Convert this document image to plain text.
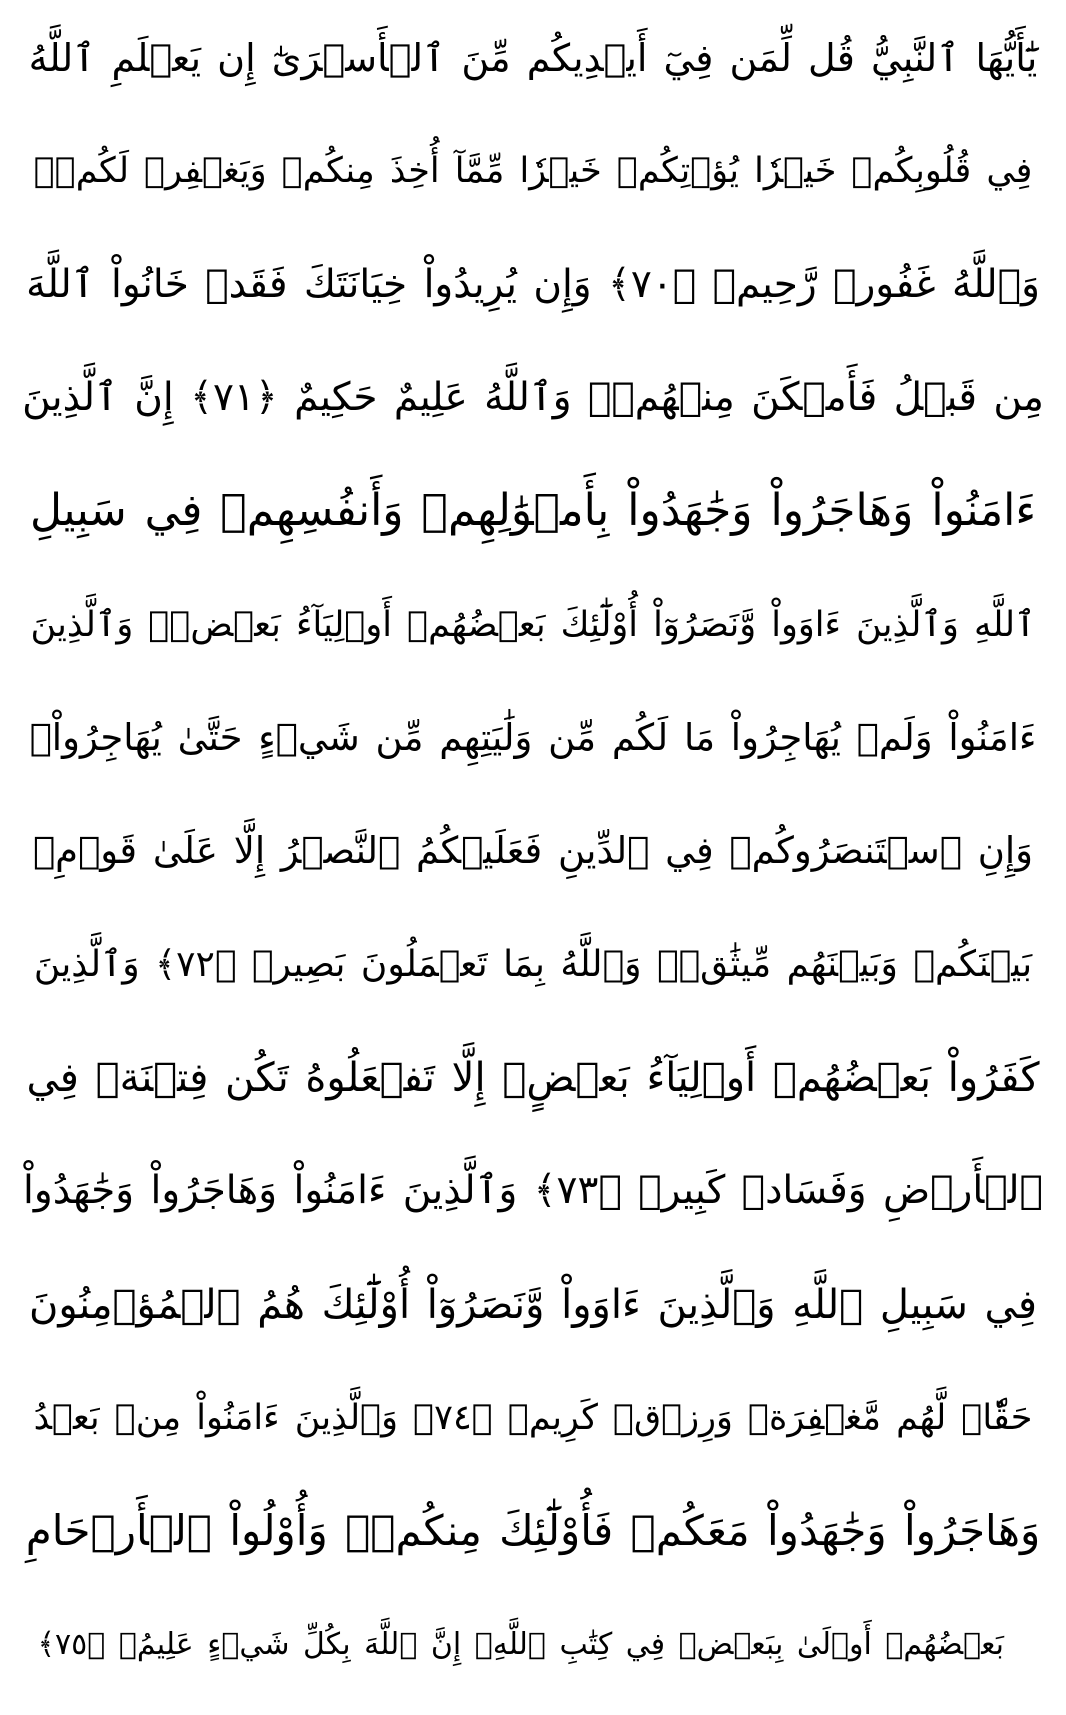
يَٰٓأَيُّهَا ٱلنَّبِيُّ قُل لِّمَن فِيٓ أَيۡدِيكُم مِّنَ ٱلۡأَسۡرَىٰٓ إِن يَعۡلَمِ ٱللَّهُ
فِي قُلُوبِكُمۡ خَيۡرٗا يُؤۡتِكُمۡ خَيۡرٗا مِّمَّآ أُخِذَ مِنكُمۡ وَيَغۡفِرۡ لَكُمۡۚ
وَٱللَّهُ غَفُورٞ رَّحِيمٞ ﴿٧٠﴾ وَإِن يُرِيدُواْ خِيَانَتَكَ فَقَدۡ خَانُواْ ٱللَّهَ
مِن قَبۡلُ فَأَمۡكَنَ مِنۡهُمۡۗ وَٱللَّهُ عَلِيمٌ حَكِيمٌ ﴿٧١﴾ إِنَّ ٱلَّذِينَ
ءَامَنُواْ وَهَاجَرُواْ وَجَٰهَدُواْ بِأَمۡوَٰلِهِمۡ وَأَنفُسِهِمۡ فِي سَبِيلِ
ٱللَّهِ وَٱلَّذِينَ ءَاوَواْ وَّنَصَرُوٓاْ أُوْلَٰٓئِكَ بَعۡضُهُمۡ أَوۡلِيَآءُ بَعۡضٖۚ وَٱلَّذِينَ
ءَامَنُواْ وَلَمۡ يُهَاجِرُواْ مَا لَكُم مِّن وَلَٰيَتِهِم مِّن شَيۡءٍ حَتَّىٰ يُهَاجِرُواْۚ
وَإِنِ ٱسۡتَنصَرُوكُمۡ فِي ٱلدِّينِ فَعَلَيۡكُمُ ٱلنَّصۡرُ إِلَّا عَلَىٰ قَوۡمِۢ
بَيۡنَكُمۡ وَبَيۡنَهُم مِّيثَٰقٞۗ وَٱللَّهُ بِمَا تَعۡمَلُونَ بَصِيرٞ ﴿٧٢﴾ وَٱلَّذِينَ
كَفَرُواْ بَعۡضُهُمۡ أَوۡلِيَآءُ بَعۡضٍۚ إِلَّا تَفۡعَلُوهُ تَكُن فِتۡنَةٞ فِي
ٱلۡأَرۡضِ وَفَسَادٞ كَبِيرٞ ﴿٧٣﴾ وَٱلَّذِينَ ءَامَنُواْ وَهَاجَرُواْ وَجَٰهَدُواْ
فِي سَبِيلِ ٱللَّهِ وَٱلَّذِينَ ءَاوَواْ وَّنَصَرُوٓاْ أُوْلَٰٓئِكَ هُمُ ٱلۡمُؤۡمِنُونَ
حَقّٗاۚ لَّهُم مَّغۡفِرَةٞ وَرِزۡقٞ كَرِيمٞ ﴿٧٤﴾ وَٱلَّذِينَ ءَامَنُواْ مِنۢ بَعۡدُ
وَهَاجَرُواْ وَجَٰهَدُواْ مَعَكُمۡ فَأُوْلَٰٓئِكَ مِنكُمۡۚ وَأُوْلُواْ ٱلۡأَرۡحَامِ
بَعۡضُهُمۡ أَوۡلَىٰ بِبَعۡضٖ فِي كِتَٰبِ ٱللَّهِۚ إِنَّ ٱللَّهَ بِكُلِّ شَيۡءٍ عَلِيمُۢ ﴿٧٥﴾
